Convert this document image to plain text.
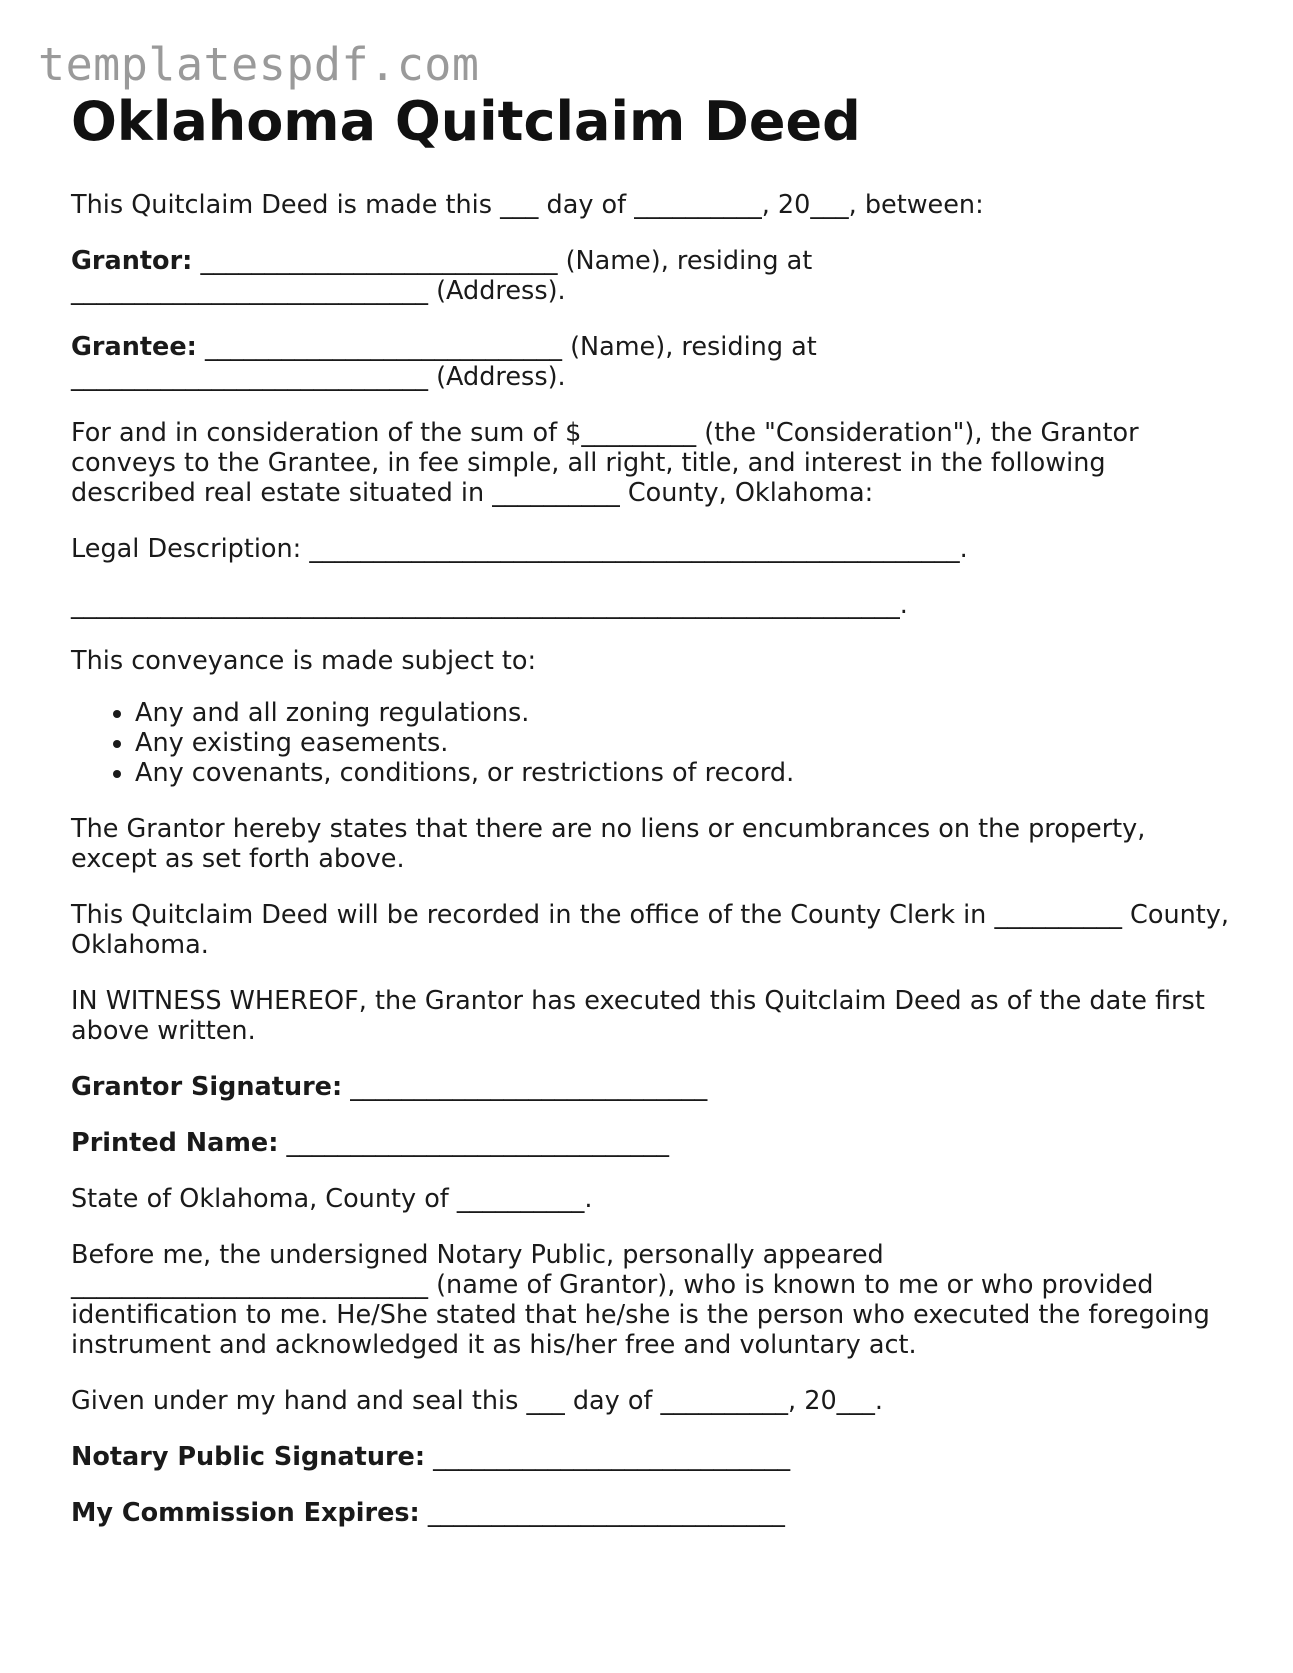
templatespdf.com
Oklahoma Quitclaim Deed

This Quitclaim Deed is made this ___ day of __________, 20___, between:

Grantor: ____________________________ (Name), residing at
____________________________ (Address).

Grantee: ____________________________ (Name), residing at
____________________________ (Address).

For and in consideration of the sum of $_________ (the "Consideration"), the Grantor conveys to the Grantee, in fee simple, all right, title, and interest in the following described real estate situated in __________ County, Oklahoma:

Legal Description: ___________________________________________________.

_________________________________________________________________.

This conveyance is made subject to:

• Any and all zoning regulations.
• Any existing easements.
• Any covenants, conditions, or restrictions of record.

The Grantor hereby states that there are no liens or encumbrances on the property, except as set forth above.

This Quitclaim Deed will be recorded in the office of the County Clerk in __________ County, Oklahoma.

IN WITNESS WHEREOF, the Grantor has executed this Quitclaim Deed as of the date first above written.

Grantor Signature: ____________________________

Printed Name: ______________________________

State of Oklahoma, County of __________.

Before me, the undersigned Notary Public, personally appeared
____________________________ (name of Grantor), who is known to me or who provided identification to me. He/She stated that he/she is the person who executed the foregoing instrument and acknowledged it as his/her free and voluntary act.

Given under my hand and seal this ___ day of __________, 20___.

Notary Public Signature: ____________________________

My Commission Expires: ____________________________
